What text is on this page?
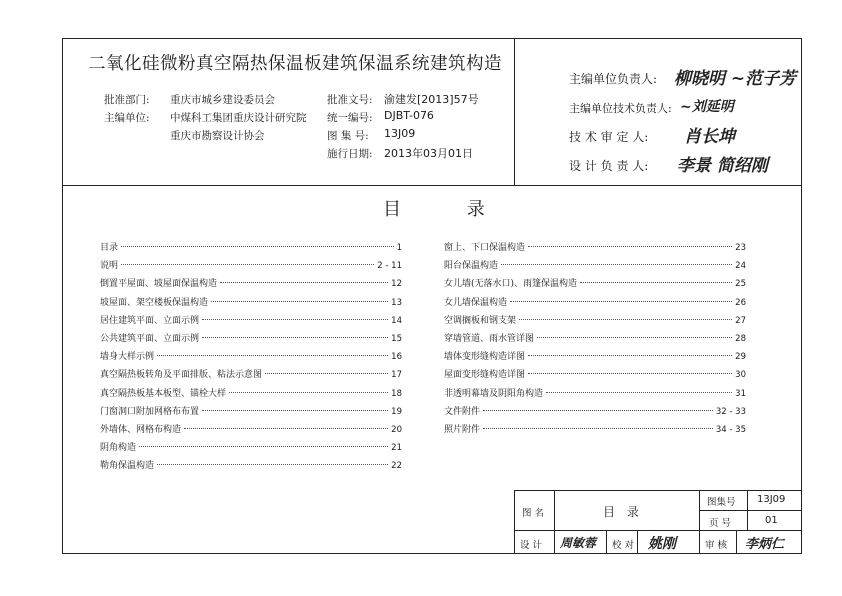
二氧化硅微粉真空隔热保温板建筑保温系统建筑构造
批准部门: 重庆市城乡建设委员会
主编单位: 中煤科工集团重庆设计研究院
重庆市勘察设计协会
批准文号: 渝建发[2013]57号
统一编号: DJBT-076
图 集 号: 13J09
施行日期: 2013年03月01日
主编单位负责人: 柳晓明 ~范子芳
主编单位技术负责人: ~刘延明
技 术 审 定 人: 肖长坤
设 计 负 责 人: 李景 简绍刚
目 录
目录	1
说明	2 - 11
倒置平屋面、坡屋面保温构造	12
坡屋面、架空楼板保温构造	13
居住建筑平面、立面示例	14
公共建筑平面、立面示例	15
墙身大样示例	16
真空隔热板转角及平面排版、粘法示意图	17
真空隔热板基本板型、锚栓大样	18
门窗洞口附加网格布布置	19
外墙体、网格布构造	20
阴角构造	21
勒角保温构造	22
窗上、下口保温构造	23
阳台保温构造	24
女儿墙(无落水口)、雨篷保温构造	25
女儿墙保温构造	26
空调搁板和钢支架	27
穿墙管道、雨水管详图	28
墙体变形缝构造详图	29
屋面变形缝构造详图	30
非透明幕墙及阴阳角构造	31
文件附件	32 - 33
照片附件	34 - 35
图 名	目 录
图集号 13J09
页 号	01
设 计 周敏蓉 校 对 姚刚	审 核 李炳仁
